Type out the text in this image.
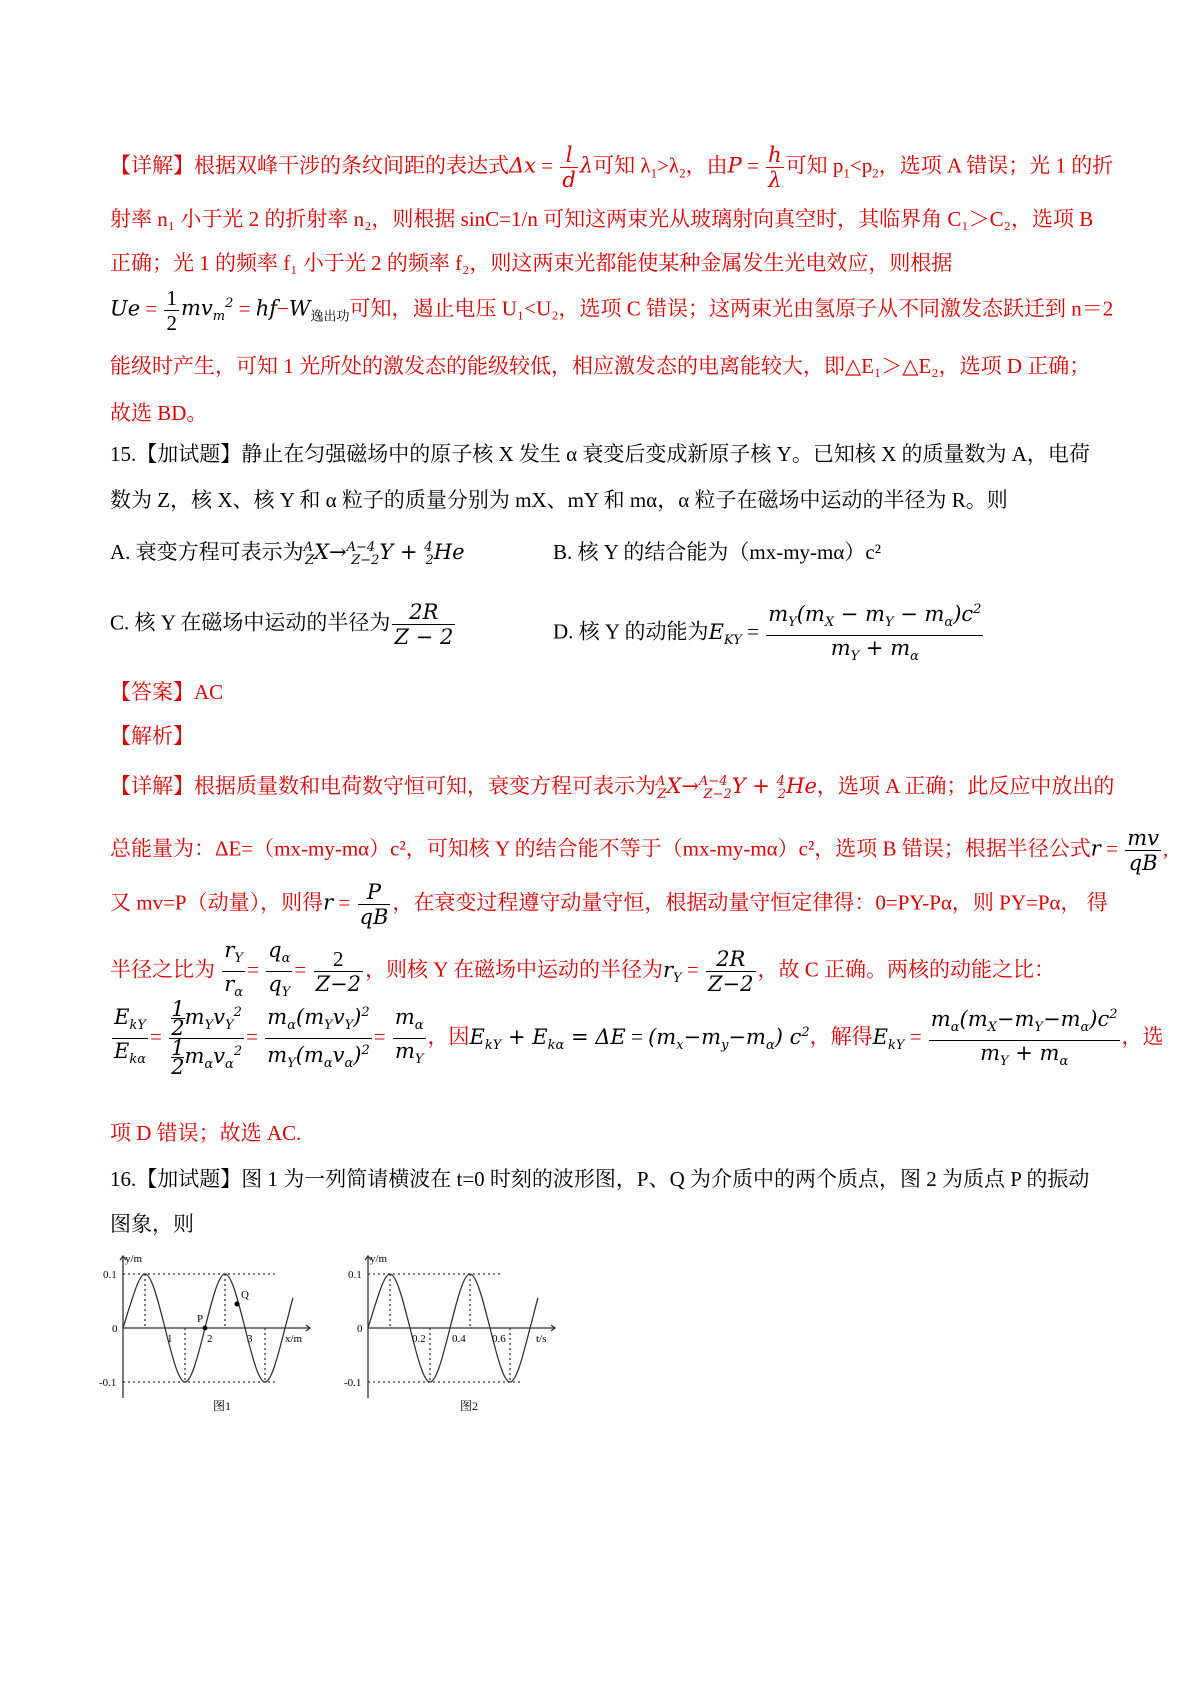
【详解】根据双峰干涉的条纹间距的表达式$\Delta x = \frac{l}{d}$ λ可知 $\lambda_1>\lambda_2$，由$P = \frac{h}{\lambda}$ 可知 $p_1<p_2$，选项 A 错误；光 1 的折
射率 n₁ 小于光 2 的折射率 n₂，则根据 sinC=1/n 可知这两束光从玻璃射向真空时，其临界角 C₁＞C₂，选项 B
正确；光 1 的频率 f₁ 小于光 2 的频率 f₂，则这两束光都能使某种金属发生光电效应，则根据
$Ue = \frac{1}{2} mv_m^2 = hf-W_{逸出功}$可知，遏止电压 U₁<U₂，选项 C 错误；这两束光由氢原子从不同激发态跃迁到 n＝2
能级时产生，可知 1 光所处的激发态的能级较低，相应激发态的电离能较大，即△E₁＞△E₂，选项 D 正确；
故选 BD。
15.【加试题】静止在匀强磁场中的原子核 X 发生 α 衰变后变成新原子核 Y。已知核 X 的质量数为 A，电荷
数为 Z，核 X、核 Y 和 α 粒子的质量分别为 mX、mY 和 mα，α 粒子在磁场中运动的半径为 R。则
A. 衰变方程可表示为$^A_Z$X→$^{A-4}_{Z-2}$Y + $^4_2$He	B. 核 Y 的结合能为（mx-my-mα）c²
C. 核 Y 在磁场中运动的半径为 $\frac{2R}{Z - 2}$	D. 核 Y 的动能为$E_{KY} = \frac{m_Y(m_X - m_Y - m_\alpha)c^2}{m_Y + m_\alpha}$
【答案】AC
【解析】
【详解】根据质量数和电荷数守恒可知，衰变方程可表示为$^A_Z$X→$^{A-4}_{Z-2}$Y + $^4_2$He，选项 A 正确；此反应中放出的
总能量为：ΔE=（mx-my-mα）c²，可知核 Y 的结合能不等于（mx-my-mα）c²，选项 B 错误；根据半径公式$r = \frac{mv}{qB}$ ,
又 mv=P（动量），则得$r = \frac{P}{qB}$ ，在衰变过程遵守动量守恒，根据动量守恒定律得：0=PY-Pα，则 PY=Pα， 得
半径之比为 $\frac{r_Y}{r_\alpha} = \frac{q_\alpha}{q_Y} = \frac{2}{Z-2}$ ，则核 Y 在磁场中运动的半径为$r_Y = \frac{2R}{Z-2}$ ，故 C 正确。两核的动能之比：
$\frac{E_{kY}}{E_{k\alpha}} = \frac{\frac{1}{2} m_Yv_Y^2}{\frac{1}{2} m_\alpha v_\alpha^2} = \frac{m_\alpha(m_Yv_Y)^2}{m_Y(m_\alpha v_\alpha)^2} = \frac{m_\alpha}{m_Y}$ ，因$E_{kY} + E_{k\alpha} = \Delta E = (m_x-m_y-m_\alpha)$ $c^2$，解得$E_{kY} = \frac{m_\alpha(m_X-m_Y-m_\alpha)c^2}{m_Y + m_\alpha}$ ，选
项 D 错误；故选 AC.
16.【加试题】图 1 为一列简请横波在 t=0 时刻的波形图，P、Q 为介质中的两个质点，图 2 为质点 P 的振动
图象，则
y/m
x/m
0.1
-0.1
0
1	2	3
P
Q
图1
y/m
t/s
0.1
-0.1
0
0.2 0.4 0.6
图2
